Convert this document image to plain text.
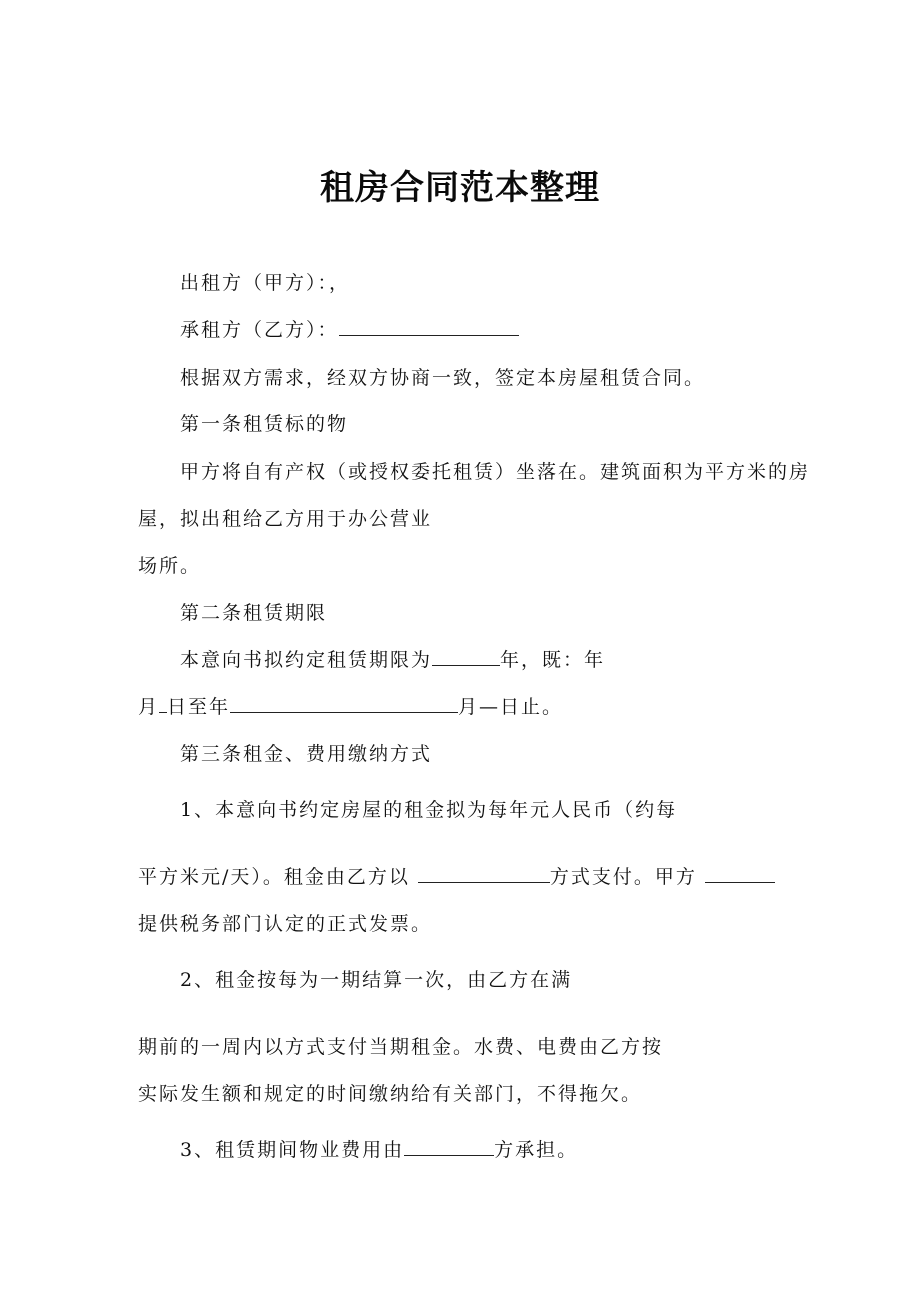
租房合同范本整理
出租方（甲方）：，
承租方（乙方）：
根据双方需求，经双方协商一致，签定本房屋租赁合同。
第一条租赁标的物
甲方将自有产权（或授权委托租赁）坐落在。建筑面积为平方米的房
屋，拟出租给乙方用于办公营业
场所。
第二条租赁期限
本意向书拟约定租赁期限为	年，既：年
月 日至年	月—日止。
第三条租金、费用缴纳方式
1、本意向书约定房屋的租金拟为每年元人民币（约每
平方米元/天）。租金由乙方以	方式支付。甲方
提供税务部门认定的正式发票。
2、租金按每为一期结算一次，由乙方在满
期前的一周内以方式支付当期租金。水费、电费由乙方按
实际发生额和规定的时间缴纳给有关部门，不得拖欠。
3、租赁期间物业费用由	方承担。
